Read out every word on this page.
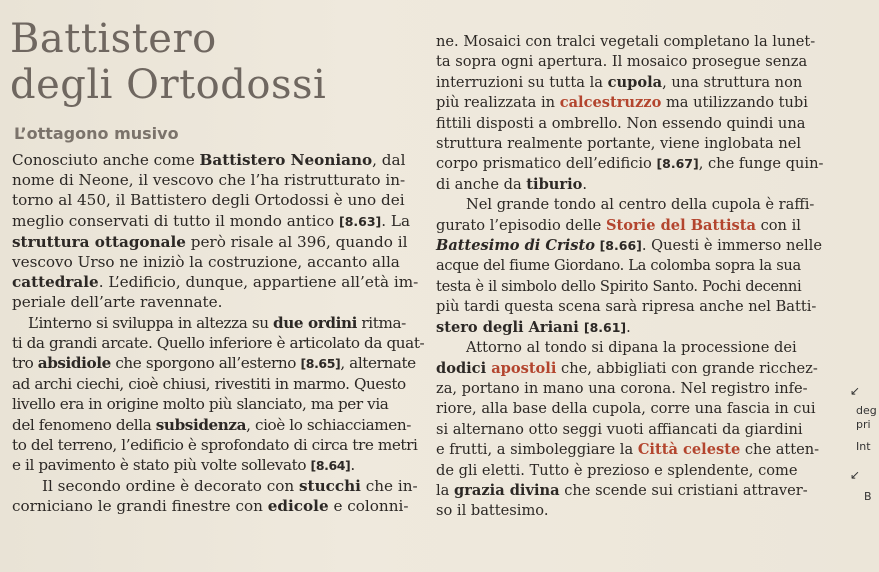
Battistero
degli Ortodossi
L’ottagono musivo

Conosciuto anche come Battistero Neoniano, dal
nome di Neone, il vescovo che l’ha ristrutturato in-
torno al 450, il Battistero degli Ortodossi è uno dei
meglio conservati di tutto il mondo antico [8.63]. La
struttura ottagonale però risale al 396, quando il
vescovo Urso ne iniziò la costruzione, accanto alla
cattedrale. L’edificio, dunque, appartiene all’età im-
periale dell’arte ravennate.

L’interno si sviluppa in altezza su due ordini ritma-

ti da grandi arcate. Quello inferiore è articolato da quat-
tro absidiole che sporgono all’esterno [8.65], alternate
ad archi ciechi, cioè chiusi, rivestiti in marmo. Questo
livello era in origine molto più slanciato, ma per via
del fenomeno della subsidenza, cioè lo schiacciamen-
to del terreno, l’edificio è sprofondato di circa tre metri
e il pavimento è stato più volte sollevato [8.64].

Il secondo ordine è decorato con stucchi che in-
corniciano le grandi finestre con edicole e colonni-

ne. Mosaici con tralci vegetali completano la lunet-
ta sopra ogni apertura. Il mosaico prosegue senza
interruzioni su tutta la cupola, una struttura non
più realizzata in calcestruzzo ma utilizzando tubi
fittili disposti a ombrello. Non essendo quindi una
struttura realmente portante, viene inglobata nel
corpo prismatico dell’edificio [8.67], che funge quin-
di anche da tiburio.

Nel grande tondo al centro della cupola è raffi-
gurato l’episodio delle Storie del Battista con il
Battesimo di Cristo [8.66]. Questi è immerso nelle
acque del fiume Giordano. La colomba sopra la sua
testa è il simbolo dello Spirito Santo. Pochi decenni
più tardi questa scena sarà ripresa anche nel Batti-
stero degli Ariani [8.61].

Attorno al tondo si dipana la processione dei
dodici apostoli che, abbigliati con grande ricchez-
za, portano in mano una corona. Nel registro infe-
riore, alla base della cupola, corre una fascia in cui
si alternano otto seggi vuoti affiancati da giardini
e frutti, a simboleggiare la Città celeste che atten-
de gli eletti. Tutto è prezioso e splendente, come
la grazia divina che scende sui cristiani attraver-
so il battesimo.

↙
deg
pri
Int
↙
B
